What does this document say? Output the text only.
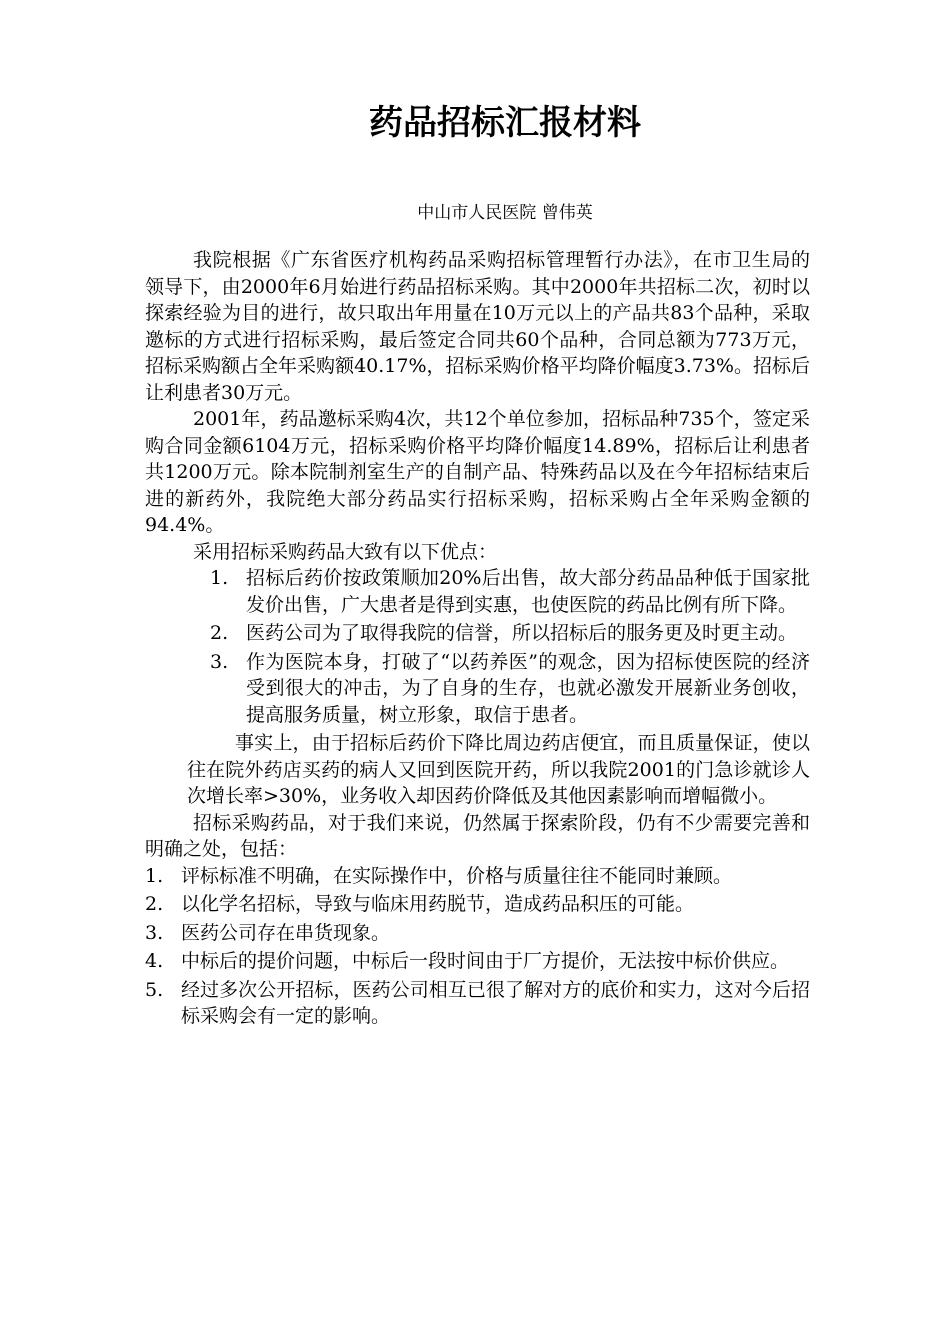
药品招标汇报材料
中山市人民医院 曾伟英

我院根据《广东省医疗机构药品采购招标管理暂行办法》，在市卫生局的领导下，由2000年6月始进行药品招标采购。其中2000年共招标二次，初时以探索经验为目的进行，故只取出年用量在10万元以上的产品共83个品种，采取邀标的方式进行招标采购，最后签定合同共60个品种，合同总额为773万元，招标采购额占全年采购额40.17%，招标采购价格平均降价幅度3.73%。招标后让利患者30万元。

2001年，药品邀标采购4次，共12个单位参加，招标品种735个，签定采购合同金额6104万元，招标采购价格平均降价幅度14.89%，招标后让利患者共1200万元。除本院制剂室生产的自制产品、特殊药品以及在今年招标结束后进的新药外，我院绝大部分药品实行招标采购，招标采购占全年采购金额的94.4%。

采用招标采购药品大致有以下优点：

1. 招标后药价按政策顺加20%后出售，故大部分药品品种低于国家批发价出售，广大患者是得到实惠，也使医院的药品比例有所下降。
2. 医药公司为了取得我院的信誉，所以招标后的服务更及时更主动。
3. 作为医院本身，打破了“以药养医”的观念，因为招标使医院的经济受到很大的冲击，为了自身的生存，也就必激发开展新业务创收，提高服务质量，树立形象，取信于患者。

事实上，由于招标后药价下降比周边药店便宜，而且质量保证，使以往在院外药店买药的病人又回到医院开药，所以我院2001的门急诊就诊人次增长率>30%，业务收入却因药价降低及其他因素影响而增幅微小。

招标采购药品，对于我们来说，仍然属于探索阶段，仍有不少需要完善和明确之处，包括：

1. 评标标准不明确，在实际操作中，价格与质量往往不能同时兼顾。
2. 以化学名招标，导致与临床用药脱节，造成药品积压的可能。
3. 医药公司存在串货现象。
4. 中标后的提价问题，中标后一段时间由于厂方提价，无法按中标价供应。
5. 经过多次公开招标，医药公司相互已很了解对方的底价和实力，这对今后招标采购会有一定的影响。
